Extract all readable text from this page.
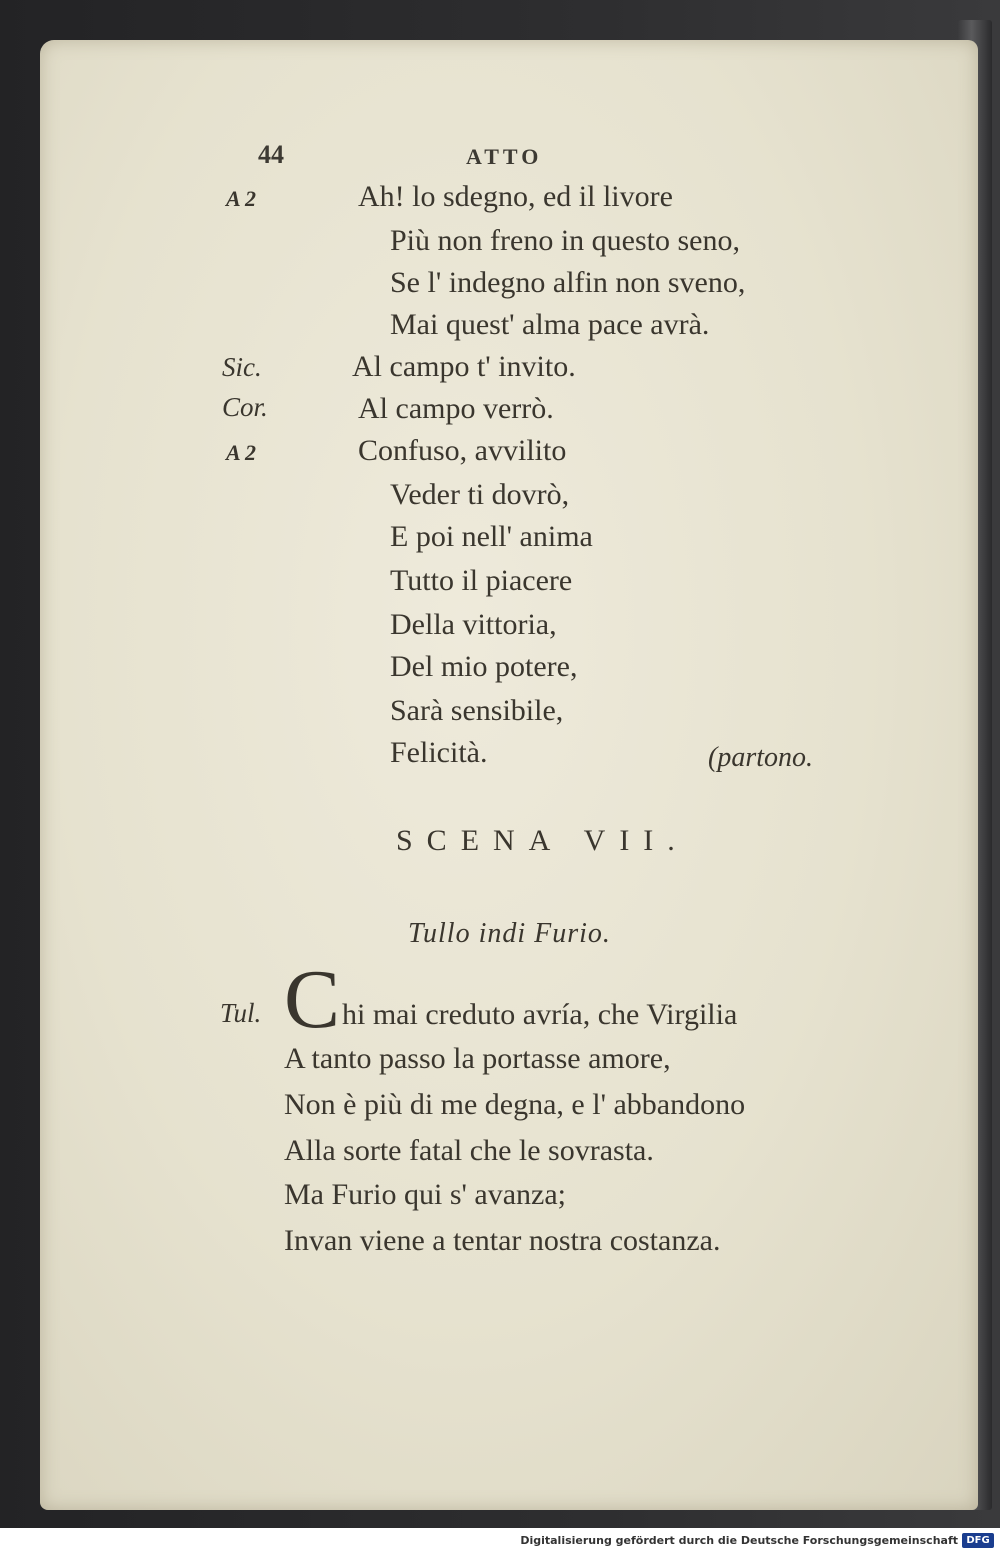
44	ATTO
A 2
Sic.
Cor.
A 2
Ah! lo sdegno, ed il livore
Più non freno in questo seno,
Se l' indegno alfin non sveno,
Mai quest' alma pace avrà.
Al campo t' invito.
Al campo verrò.
Confuso, avvilito
Veder ti dovrò,
E poi nell' anima
Tutto il piacere
Della vittoria,
Del mio potere,
Sarà sensibile,
Felicità.	(partono.
SCENA VII.
Tullo indi Furio.
Tul. C hi mai creduto avría, che Virgilia
A tanto passo la portasse amore,
Non è più di me degna, e l' abbandono
Alla sorte fatal che le sovrasta.
Ma Furio qui s' avanza;
Invan viene a tentar nostra costanza.
Digitalisierung gefördert durch die Deutsche Forschungsgemeinschaft DFG
